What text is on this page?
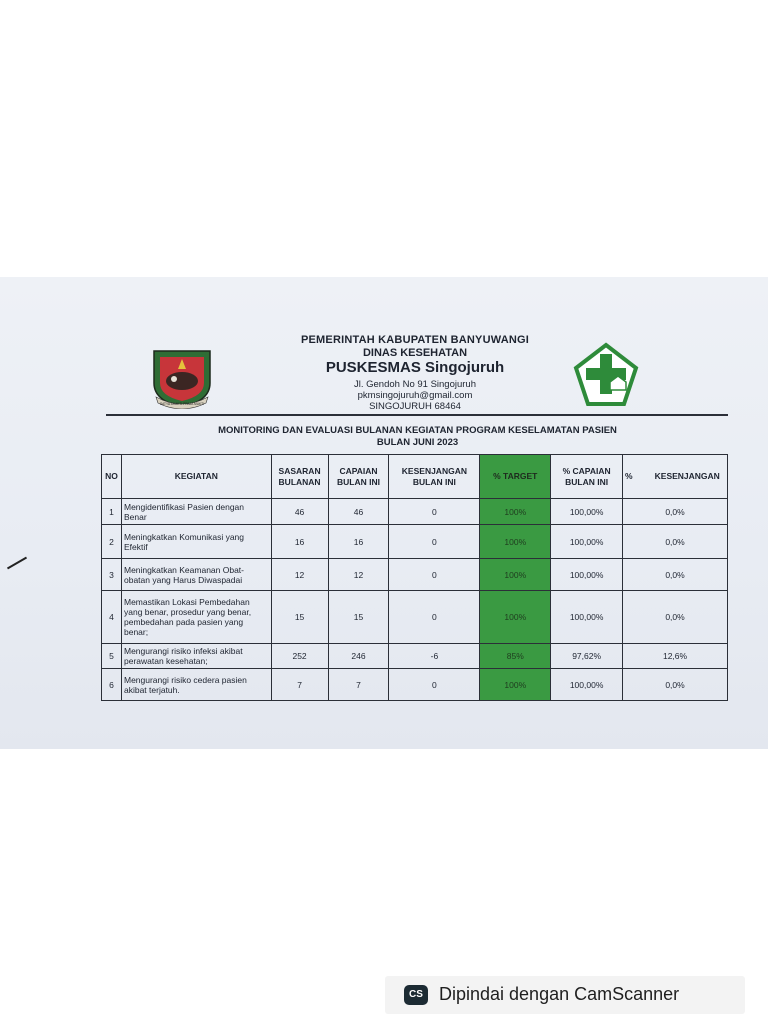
SATYA BHAKTI PRAJA MUKTI
PEMERINTAH KABUPATEN BANYUWANGI
DINAS KESEHATAN
PUSKESMAS Singojuruh
Jl. Gendoh No 91 Singojuruh
pkmsingojuruh@gmail.com
SINGOJURUH 68464
MONITORING DAN EVALUASI BULANAN KEGIATAN PROGRAM KESELAMATAN PASIEN
BULAN JUNI 2023
NO	KEGIATAN	SASARAN BULANAN	CAPAIAN BULAN INI	KESENJANGAN BULAN INI	% TARGET	% CAPAIAN BULAN INI	%	KESENJANGAN
1	Mengidentifikasi Pasien dengan Benar	46	46	0	100%	100,00%	0,0%	
2	Meningkatkan Komunikasi yang Efektif	16	16	0	100%	100,00%	0,0%	
3	Meningkatkan Keamanan Obat-obatan yang Harus Diwaspadai	12	12	0	100%	100,00%	0,0%	
4	Memastikan Lokasi Pembedahan yang benar, prosedur yang benar, pembedahan pada pasien yang benar;	15	15	0	100%	100,00%	0,0%	
5	Mengurangi risiko infeksi akibat perawatan kesehatan;	252	246	-6	85%	97,62%	12,6%	
6	Mengurangi risiko cedera pasien akibat terjatuh.	7	7	0	100%	100,00%	0,0%	
CS Dipindai dengan CamScanner
